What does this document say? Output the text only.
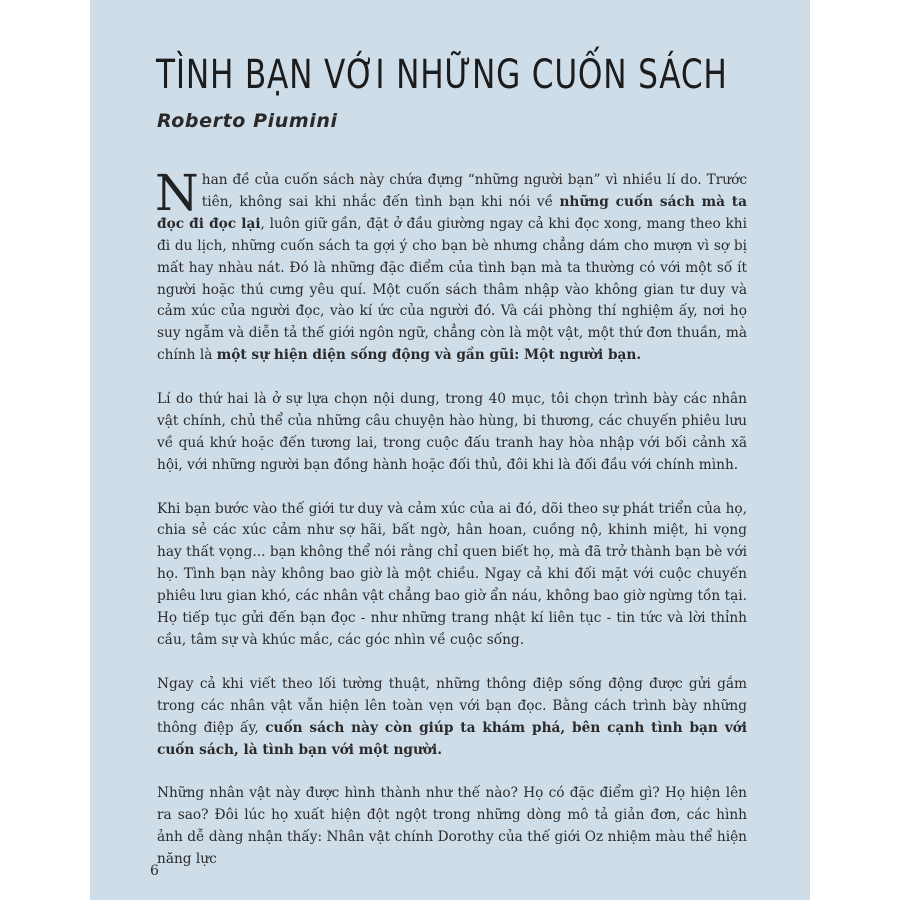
TÌNH BẠN VỚI NHỮNG CUỐN SÁCH
Roberto Piumini

Nhan đề của cuốn sách này chứa đựng “những người bạn” vì nhiều lí do. Trước tiên, không sai khi nhắc đến tình bạn khi nói về những cuốn sách mà ta đọc đi đọc lại, luôn giữ gần, đặt ở đầu giường ngay cả khi đọc xong, mang theo khi đi du lịch, những cuốn sách ta gợi ý cho bạn bè nhưng chẳng dám cho mượn vì sợ bị mất hay nhàu nát. Đó là những đặc điểm của tình bạn mà ta thường có với một số ít người hoặc thú cưng yêu quí. Một cuốn sách thâm nhập vào không gian tư duy và cảm xúc của người đọc, vào kí ức của người đó. Và cái phòng thí nghiệm ấy, nơi họ suy ngẫm và diễn tả thế giới ngôn ngữ, chẳng còn là một vật, một thứ đơn thuần, mà chính là một sự hiện diện sống động và gần gũi: Một người bạn.

Lí do thứ hai là ở sự lựa chọn nội dung, trong 40 mục, tôi chọn trình bày các nhân vật chính, chủ thể của những câu chuyện hào hùng, bi thương, các chuyến phiêu lưu về quá khứ hoặc đến tương lai, trong cuộc đấu tranh hay hòa nhập với bối cảnh xã hội, với những người bạn đồng hành hoặc đối thủ, đôi khi là đối đầu với chính mình.

Khi bạn bước vào thế giới tư duy và cảm xúc của ai đó, dõi theo sự phát triển của họ, chia sẻ các xúc cảm như sợ hãi, bất ngờ, hân hoan, cuồng nộ, khinh miệt, hi vọng hay thất vọng... bạn không thể nói rằng chỉ quen biết họ, mà đã trở thành bạn bè với họ. Tình bạn này không bao giờ là một chiều. Ngay cả khi đối mặt với cuộc chuyến phiêu lưu gian khó, các nhân vật chẳng bao giờ ẩn náu, không bao giờ ngừng tồn tại. Họ tiếp tục gửi đến bạn đọc - như những trang nhật kí liên tục - tin tức và lời thỉnh cầu, tâm sự và khúc mắc, các góc nhìn về cuộc sống.

Ngay cả khi viết theo lối tường thuật, những thông điệp sống động được gửi gắm trong các nhân vật vẫn hiện lên toàn vẹn với bạn đọc. Bằng cách trình bày những thông điệp ấy, cuốn sách này còn giúp ta khám phá, bên cạnh tình bạn với cuốn sách, là tình bạn với một người.

Những nhân vật này được hình thành như thế nào? Họ có đặc điểm gì? Họ hiện lên ra sao? Đôi lúc họ xuất hiện đột ngột trong những dòng mô tả giản đơn, các hình ảnh dễ dàng nhận thấy: Nhân vật chính Dorothy của thế giới Oz nhiệm màu thể hiện năng lực

6
